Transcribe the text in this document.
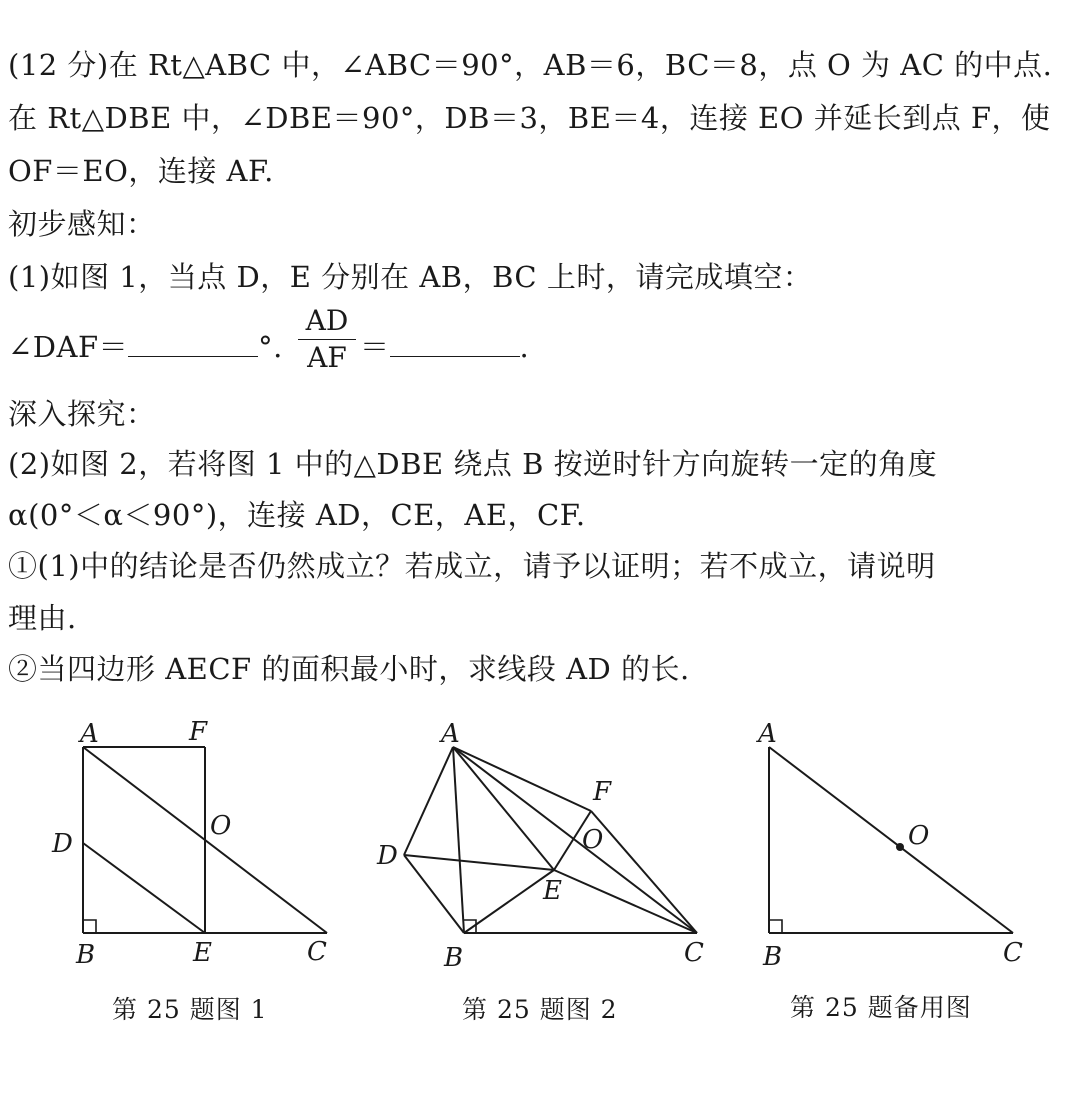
(12 分)在 Rt△ABC 中，∠ABC＝90°，AB＝6，BC＝8，点 O 为 AC 的中点.
在 Rt△DBE 中，∠DBE＝90°，DB＝3，BE＝4，连接 EO 并延长到点 F，使
OF＝EO，连接 AF.
初步感知：
(1)如图 1，当点 D，E 分别在 AB，BC 上时，请完成填空：
∠DAF＝	°.
AD
AF ＝	.
深入探究：
(2)如图 2，若将图 1 中的△DBE 绕点 B 按逆时针方向旋转一定的角度
α(0°＜α＜90°)，连接 AD，CE，AE，CF.
①(1)中的结论是否仍然成立？若成立，请予以证明；若不成立，请说明
理由.
②当四边形 AECF 的面积最小时，求线段 AD 的长.
A	F
O
D
B	E	C
A
F
O
D
E
B	C
A
O
B	C
第 25 题图 1	第 25 题图 2	第 25 题备用图
